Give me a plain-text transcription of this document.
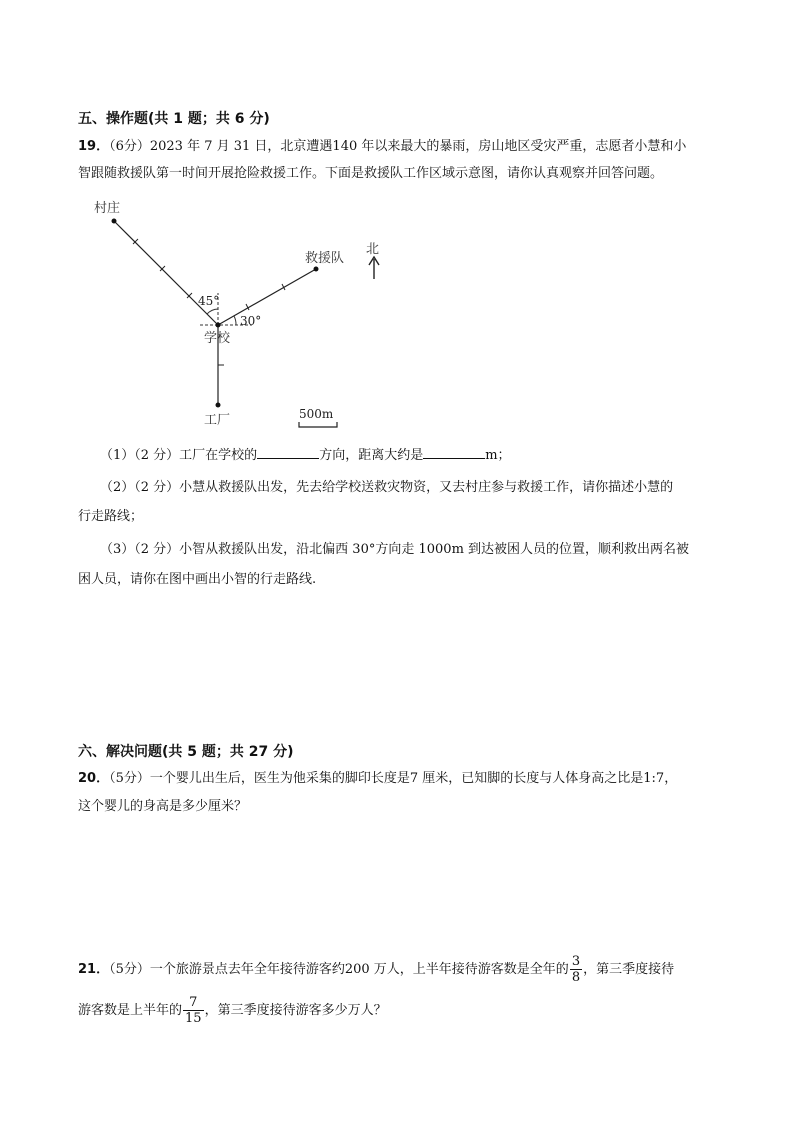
五、操作题(共 1 题；共 6 分)
19．（6分）2023 年 7 月 31 日，北京遭遇140 年以来最大的暴雨，房山地区受灾严重，志愿者小慧和小
智跟随救援队第一时间开展抢险救援工作。下面是救援队工作区域示意图，请你认真观察并回答问题。
村庄
救援队
北
45°
30°
学校
工厂	500m
（1）（2 分）工厂在学校的	方向，距离大约是	m；
（2）（2 分）小慧从救援队出发，先去给学校送救灾物资，又去村庄参与救援工作，请你描述小慧的
行走路线；
（3）（2 分）小智从救援队出发，沿北偏西 30°方向走 1000m 到达被困人员的位置，顺利救出两名被
困人员，请你在图中画出小智的行走路线.
六、解决问题(共 5 题；共 27 分)
20．（5分）一个婴儿出生后，医生为他采集的脚印长度是7 厘米，已知脚的长度与人体身高之比是1:7，
这个婴儿的身高是多少厘米？
21．（5分）一个旅游景点去年全年接待游客约200 万人，上半年接待游客数是全年的 $\frac{3}{8}$ ，第三季度接待
游客数是上半年的 $\frac{7}{15}$ ，第三季度接待游客多少万人？
